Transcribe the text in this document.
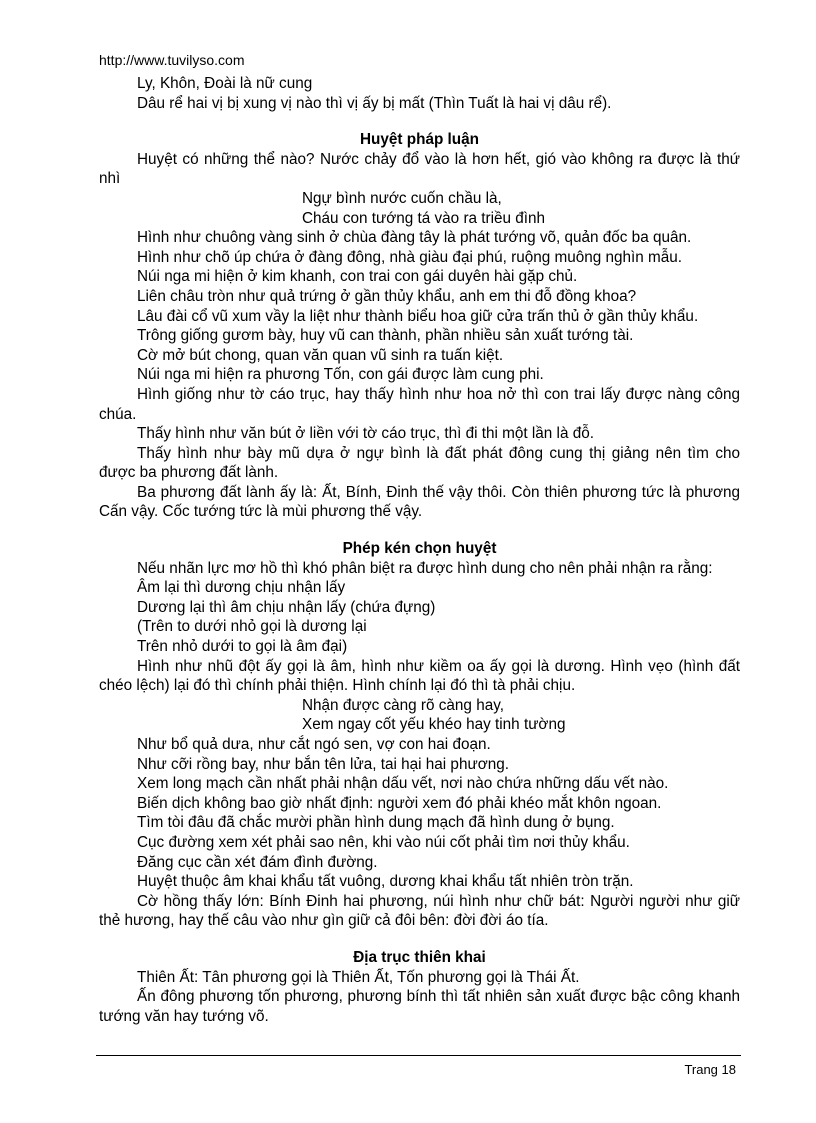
http://www.tuvilyso.com

Ly, Khôn, Đoài là nữ cung

Dâu rể hai vị bị xung vị nào thì vị ấy bị mất (Thìn Tuất là hai vị dâu rể).

Huyệt pháp luận

Huyệt có những thể nào? Nước chảy đổ vào là hơn hết, gió vào không ra được là thứ nhì

Ngự bình nước cuốn chầu là,

Cháu con tướng tá vào ra triều đình

Hình như chuông vàng sinh ở chùa đàng tây là phát tướng võ, quản đốc ba quân.

Hình như chõ úp chứa ở đàng đông, nhà giàu đại phú, ruộng muông nghìn mẫu.

Núi nga mi hiện ở kim khanh, con trai con gái duyên hài gặp chủ.

Liên châu tròn như quả trứng ở gần thủy khẩu, anh em thi đỗ đồng khoa?

Lâu đài cổ vũ xum vầy la liệt như thành biểu hoa giữ cửa trấn thủ ở gần thủy khẩu.

Trông giống gươm bày, huy vũ can thành, phần nhiều sản xuất tướng tài.

Cờ mở bút chong, quan văn quan vũ sinh ra tuấn kiệt.

Núi nga mi hiện ra phương Tốn, con gái được làm cung phi.

Hình giống như tờ cáo trục, hay thấy hình như hoa nở thì con trai lấy được nàng công chúa.

Thấy hình như văn bút ở liền với tờ cáo trục, thì đi thi một lần là đỗ.

Thấy hình như bày mũ dựa ở ngự bình là đất phát đông cung thị giảng nên tìm cho được ba phương đất lành.

Ba phương đất lành ấy là: Ất, Bính, Đinh thế vậy thôi. Còn thiên phương tức là phương Cấn vậy. Cốc tướng tức là mùi phương thế vậy.

Phép kén chọn huyệt

Nếu nhãn lực mơ hồ thì khó phân biệt ra được hình dung cho nên phải nhận ra rằng:

Âm lại thì dương chịu nhận lấy

Dương lại thì âm chịu nhận lấy (chứa đựng)

(Trên to dưới nhỏ gọi là dương lại

Trên nhỏ dưới to gọi là âm đại)

Hình như nhũ đột ấy gọi là âm, hình như kiềm oa ấy gọi là dương. Hình vẹo (hình đất chéo lệch) lại đó thì chính phải thiện. Hình chính lại đó thì tà phải chịu.

Nhận được càng rõ càng hay,

Xem ngay cốt yếu khéo hay tinh tường

Như bổ quả dưa, như cắt ngó sen, vợ con hai đoạn.

Như cỡi rồng bay, như bắn tên lửa, tai hại hai phương.

Xem long mạch cần nhất phải nhận dấu vết, nơi nào chứa những dấu vết nào.

Biến dịch không bao giờ nhất định: người xem đó phải khéo mắt khôn ngoan.

Tìm tòi đâu đã chắc mười phần hình dung mạch đã hình dung ở bụng.

Cục đường xem xét phải sao nên, khi vào núi cốt phải tìm nơi thủy khẩu.

Đăng cục cần xét đám đình đường.

Huyệt thuộc âm khai khẩu tất vuông, dương khai khẩu tất nhiên tròn trặn.

Cờ hồng thấy lớn: Bính Đinh hai phương, núi hình như chữ bát: Người người như giữ thẻ hương, hay thế câu vào như gìn giữ cả đôi bên: đời đời áo tía.

Địa trục thiên khai

Thiên Ất: Tân phương gọi là Thiên Ất, Tốn phương gọi là Thái Ất.

Ấn đông phương tốn phương, phương bính thì tất nhiên sản xuất được bậc công khanh tướng văn hay tướng võ.

Trang 18
